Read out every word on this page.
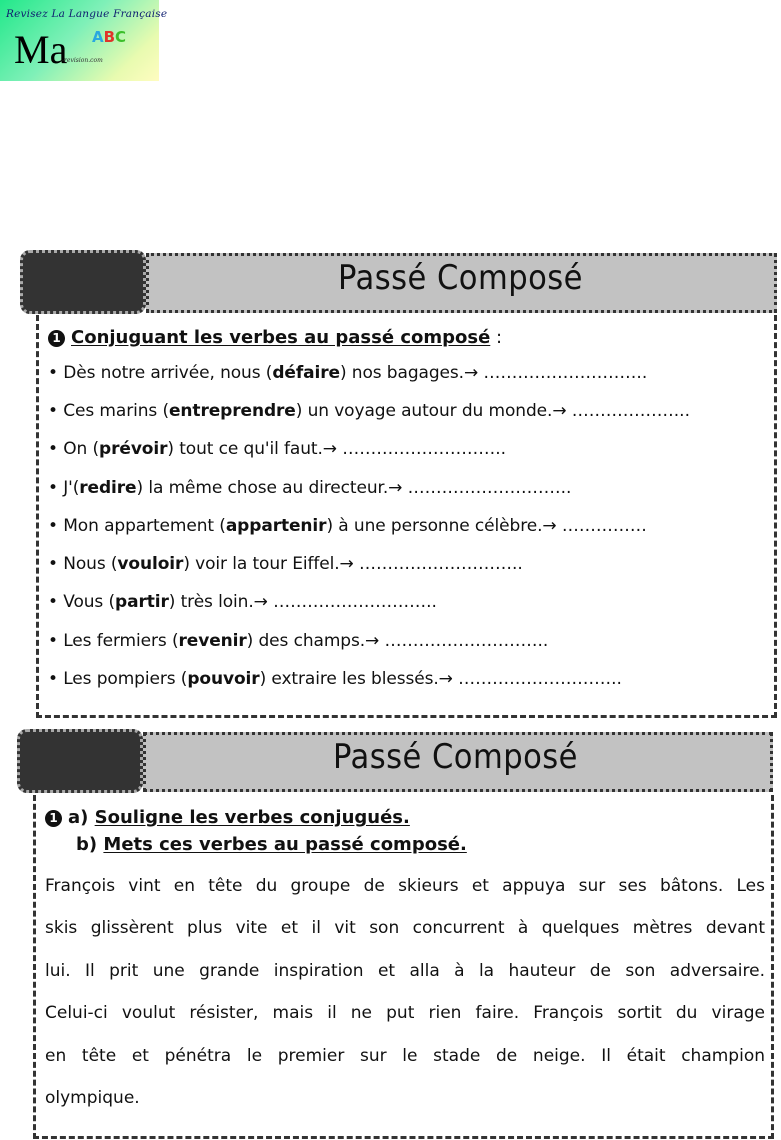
Revisez La Langue Française
Ma ABC
-revision.com
Passé Composé
1 Conjuguant les verbes au passé composé :
• Dès notre arrivée, nous (défaire) nos bagages.→ ………………………..
• Ces marins (entreprendre) un voyage autour du monde.→ ………………...
• On (prévoir) tout ce qu'il faut.→ ………………………..
• J'(redire) la même chose au directeur.→ ………………………..
• Mon appartement (appartenir) à une personne célèbre.→ ……………
• Nous (vouloir) voir la tour Eiffel.→ ………………………..
• Vous (partir) très loin.→ ………………………..
• Les fermiers (revenir) des champs.→ ………………………..
• Les pompiers (pouvoir) extraire les blessés.→ ………………………..
Passé Composé
1 a) Souligne les verbes conjugués.
b) Mets ces verbes au passé composé.
François vint en tête du groupe de skieurs et appuya sur ses bâtons. Les
skis glissèrent plus vite et il vit son concurrent à quelques mètres devant
lui. Il prit une grande inspiration et alla à la hauteur de son adversaire.
Celui-ci voulut résister, mais il ne put rien faire. François sortit du virage
en tête et pénétra le premier sur le stade de neige. Il était champion
olympique.
